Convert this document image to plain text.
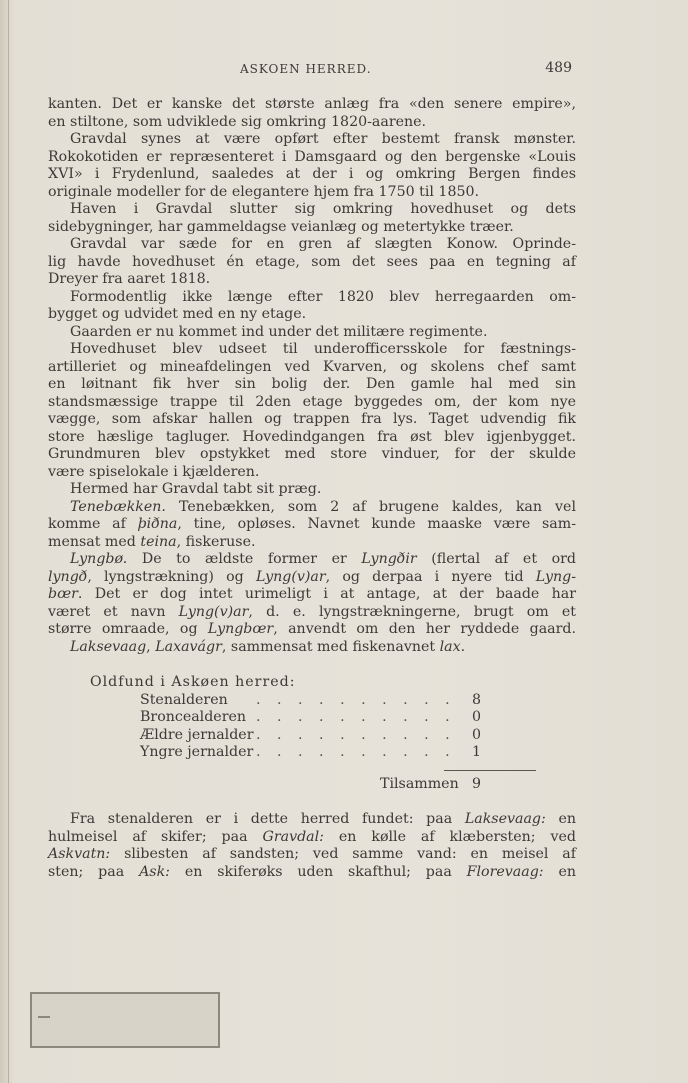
ASKOEN HERRED.	489
kanten. Det er kanske det største anlæg fra «den senere empire»,
en stiltone, som udviklede sig omkring 1820-aarene.
Gravdal synes at være opført efter bestemt fransk mønster.
Rokokotiden er repræsenteret i Damsgaard og den bergenske «Louis
XVI» i Frydenlund, saaledes at der i og omkring Bergen findes
originale modeller for de elegantere hjem fra 1750 til 1850.
Haven i Gravdal slutter sig omkring hovedhuset og dets
sidebygninger, har gammeldagse veianlæg og metertykke træer.
Gravdal var sæde for en gren af slægten Konow. Oprinde-
lig havde hovedhuset én etage, som det sees paa en tegning af
Dreyer fra aaret 1818.
Formodentlig ikke længe efter 1820 blev herregaarden om-
bygget og udvidet med en ny etage.
Gaarden er nu kommet ind under det militære regimente.
Hovedhuset blev udseet til underofficersskole for fæstnings-
artilleriet og mineafdelingen ved Kvarven, og skolens chef samt
en løitnant fik hver sin bolig der. Den gamle hal med sin
standsmæssige trappe til 2den etage byggedes om, der kom nye
vægge, som afskar hallen og trappen fra lys. Taget udvendig fik
store hæslige tagluger. Hovedindgangen fra øst blev igjenbygget.
Grundmuren blev opstykket med store vinduer, for der skulde
være spiselokale i kjælderen.
Hermed har Gravdal tabt sit præg.
Tenebækken. Tenebækken, som 2 af brugene kaldes, kan vel
komme af þiðna, tine, opløses. Navnet kunde maaske være sam-
mensat med teina, fiskeruse.
Lyngbø. De to ældste former er Lyngðir (flertal af et ord
lyngð, lyngstrækning) og Lyng(v)ar, og derpaa i nyere tid Lyng-
bœr. Det er dog intet urimeligt i at antage, at der baade har
været et navn Lyng(v)ar, d. e. lyngstrækningerne, brugt om et
større omraade, og Lyngbœr, anvendt om den her ryddede gaard.
Laksevaag, Laxavágr, sammensat med fiskenavnet lax.
Oldfund i Askøen herred:
Stenalderen . . . . . . . . . . 8
Broncealderen . . . . . . . . . . 0
Ældre jernalder . . . . . . . . . . 0
Yngre jernalder . . . . . . . . . . 1
Tilsammen 9
Fra stenalderen er i dette herred fundet: paa Laksevaag: en
hulmeisel af skifer; paa Gravdal: en kølle af klæbersten; ved
Askvatn: slibesten af sandsten; ved samme vand: en meisel af
sten; paa Ask: en skiferøks uden skafthul; paa Florevaag: en
